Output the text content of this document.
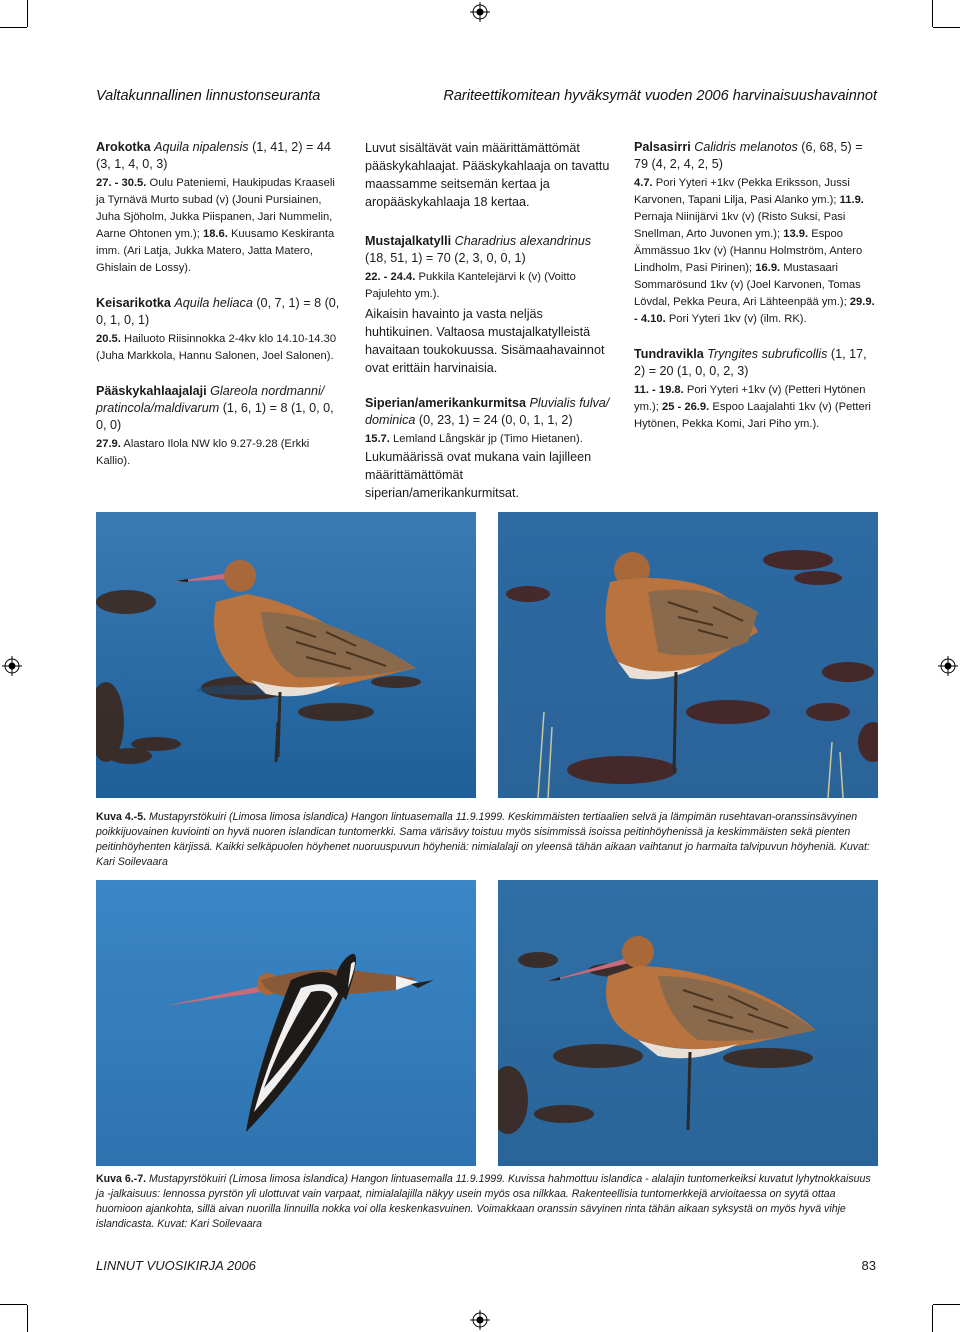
Valtakunnallinen linnustonseuranta	Rariteettikomitean hyväksymät vuoden 2006 harvinaisuushavainnot

Arokotka Aquila nipalensis (1, 41, 2) = 44 (3, 1, 4, 0, 3)

27. - 30.5. Oulu Pateniemi, Haukipudas Kraaseli ja Tyrnävä Murto subad (v) (Jouni Pursiainen, Juha Sjöholm, Jukka Piispanen, Jari Nummelin, Aarne Ohtonen ym.); 18.6. Kuusamo Keskiranta imm. (Ari Latja, Jukka Matero, Jatta Matero, Ghislain de Lossy).

Keisarikotka Aquila heliaca (0, 7, 1) = 8 (0, 0, 1, 0, 1)

20.5. Hailuoto Riisinnokka 2-4kv klo 14.10-14.30 (Juha Markkola, Hannu Salonen, Joel Salonen).

Pääskykahlaajalaji Glareola nordmanni/ pratincola/maldivarum (1, 6, 1) = 8 (1, 0, 0, 0, 0)

27.9. Alastaro Ilola NW klo 9.27-9.28 (Erkki Kallio).

Luvut sisältävät vain määrittämättömät pääskykahlaajat. Pääskykahlaaja on tavattu maassamme seitsemän kertaa ja aropääskykahlaaja 18 kertaa.

Mustajalkatylli Charadrius alexandrinus (18, 51, 1) = 70 (2, 3, 0, 0, 1)

22. - 24.4. Pukkila Kantelejärvi k (v) (Voitto Pajulehto ym.).

Aikaisin havainto ja vasta neljäs huhtikuinen. Valtaosa mustajalkatylleistä havaitaan toukokuussa. Sisämaahavainnot ovat erittäin harvinaisia.

Siperian/amerikankurmitsa Pluvialis fulva/ dominica (0, 23, 1) = 24 (0, 0, 1, 1, 2)

15.7. Lemland Långskär jp (Timo Hietanen).

Lukumäärissä ovat mukana vain lajilleen määrittämättömät siperian/amerikankurmitsat.

Palsasirri Calidris melanotos (6, 68, 5) = 79 (4, 2, 4, 2, 5)

4.7. Pori Yyteri +1kv (Pekka Eriksson, Jussi Karvonen, Tapani Lilja, Pasi Alanko ym.); 11.9. Pernaja Niinijärvi 1kv (v) (Risto Suksi, Pasi Snellman, Arto Juvonen ym.); 13.9. Espoo Ämmässuo 1kv (v) (Hannu Holmström, Antero Lindholm, Pasi Pirinen); 16.9. Mustasaari Sommarösund 1kv (v) (Joel Karvonen, Tomas Lövdal, Pekka Peura, Ari Lähteenpää ym.); 29.9. - 4.10. Pori Yyteri 1kv (v) (ilm. RK).

Tundravikla Tryngites subruficollis (1, 17, 2) = 20 (1, 0, 0, 2, 3)

11. - 19.8. Pori Yyteri +1kv (v) (Petteri Hytönen ym.); 25 - 26.9. Espoo Laajalahti 1kv (v) (Petteri Hytönen, Pekka Komi, Jari Piho ym.).

Kuva 4.-5. Mustapyrstökuiri (Limosa limosa islandica) Hangon lintuasemalla 11.9.1999. Keskimmäisten tertiaalien selvä ja lämpimän rusehtavan-oranssinsävyinen poikkijuovainen kuviointi on hyvä nuoren islandican tuntomerkki. Sama värisävy toistuu myös sisimmissä isoissa peitinhöyhenissä ja keskimmäisten sekä pienten peitinhöyhenten kärjissä. Kaikki selkäpuolen höyhenet nuoruuspuvun höyheniä: nimialalaji on yleensä tähän aikaan vaihtanut jo harmaita talvipuvun höyheniä. Kuvat: Kari Soilevaara
Kuva 6.-7. Mustapyrstökuiri (Limosa limosa islandica) Hangon lintuasemalla 11.9.1999. Kuvissa hahmottuu islandica - alalajin tuntomerkeiksi kuvatut lyhytnokkaisuus ja -jalkaisuus: lennossa pyrstön yli ulottuvat vain varpaat, nimialalajilla näkyy usein myös osa nilkkaa. Rakenteellisia tuntomerkkejä arvioitaessa on syytä ottaa huomioon ajankohta, sillä aivan nuorilla linnuilla nokka voi olla keskenkasvuinen. Voimakkaan oranssin sävyinen rinta tähän aikaan syksystä on myös hyvä vihje islandicasta. Kuvat: Kari Soilevaara
LINNUT VUOSIKIRJA 2006	83
